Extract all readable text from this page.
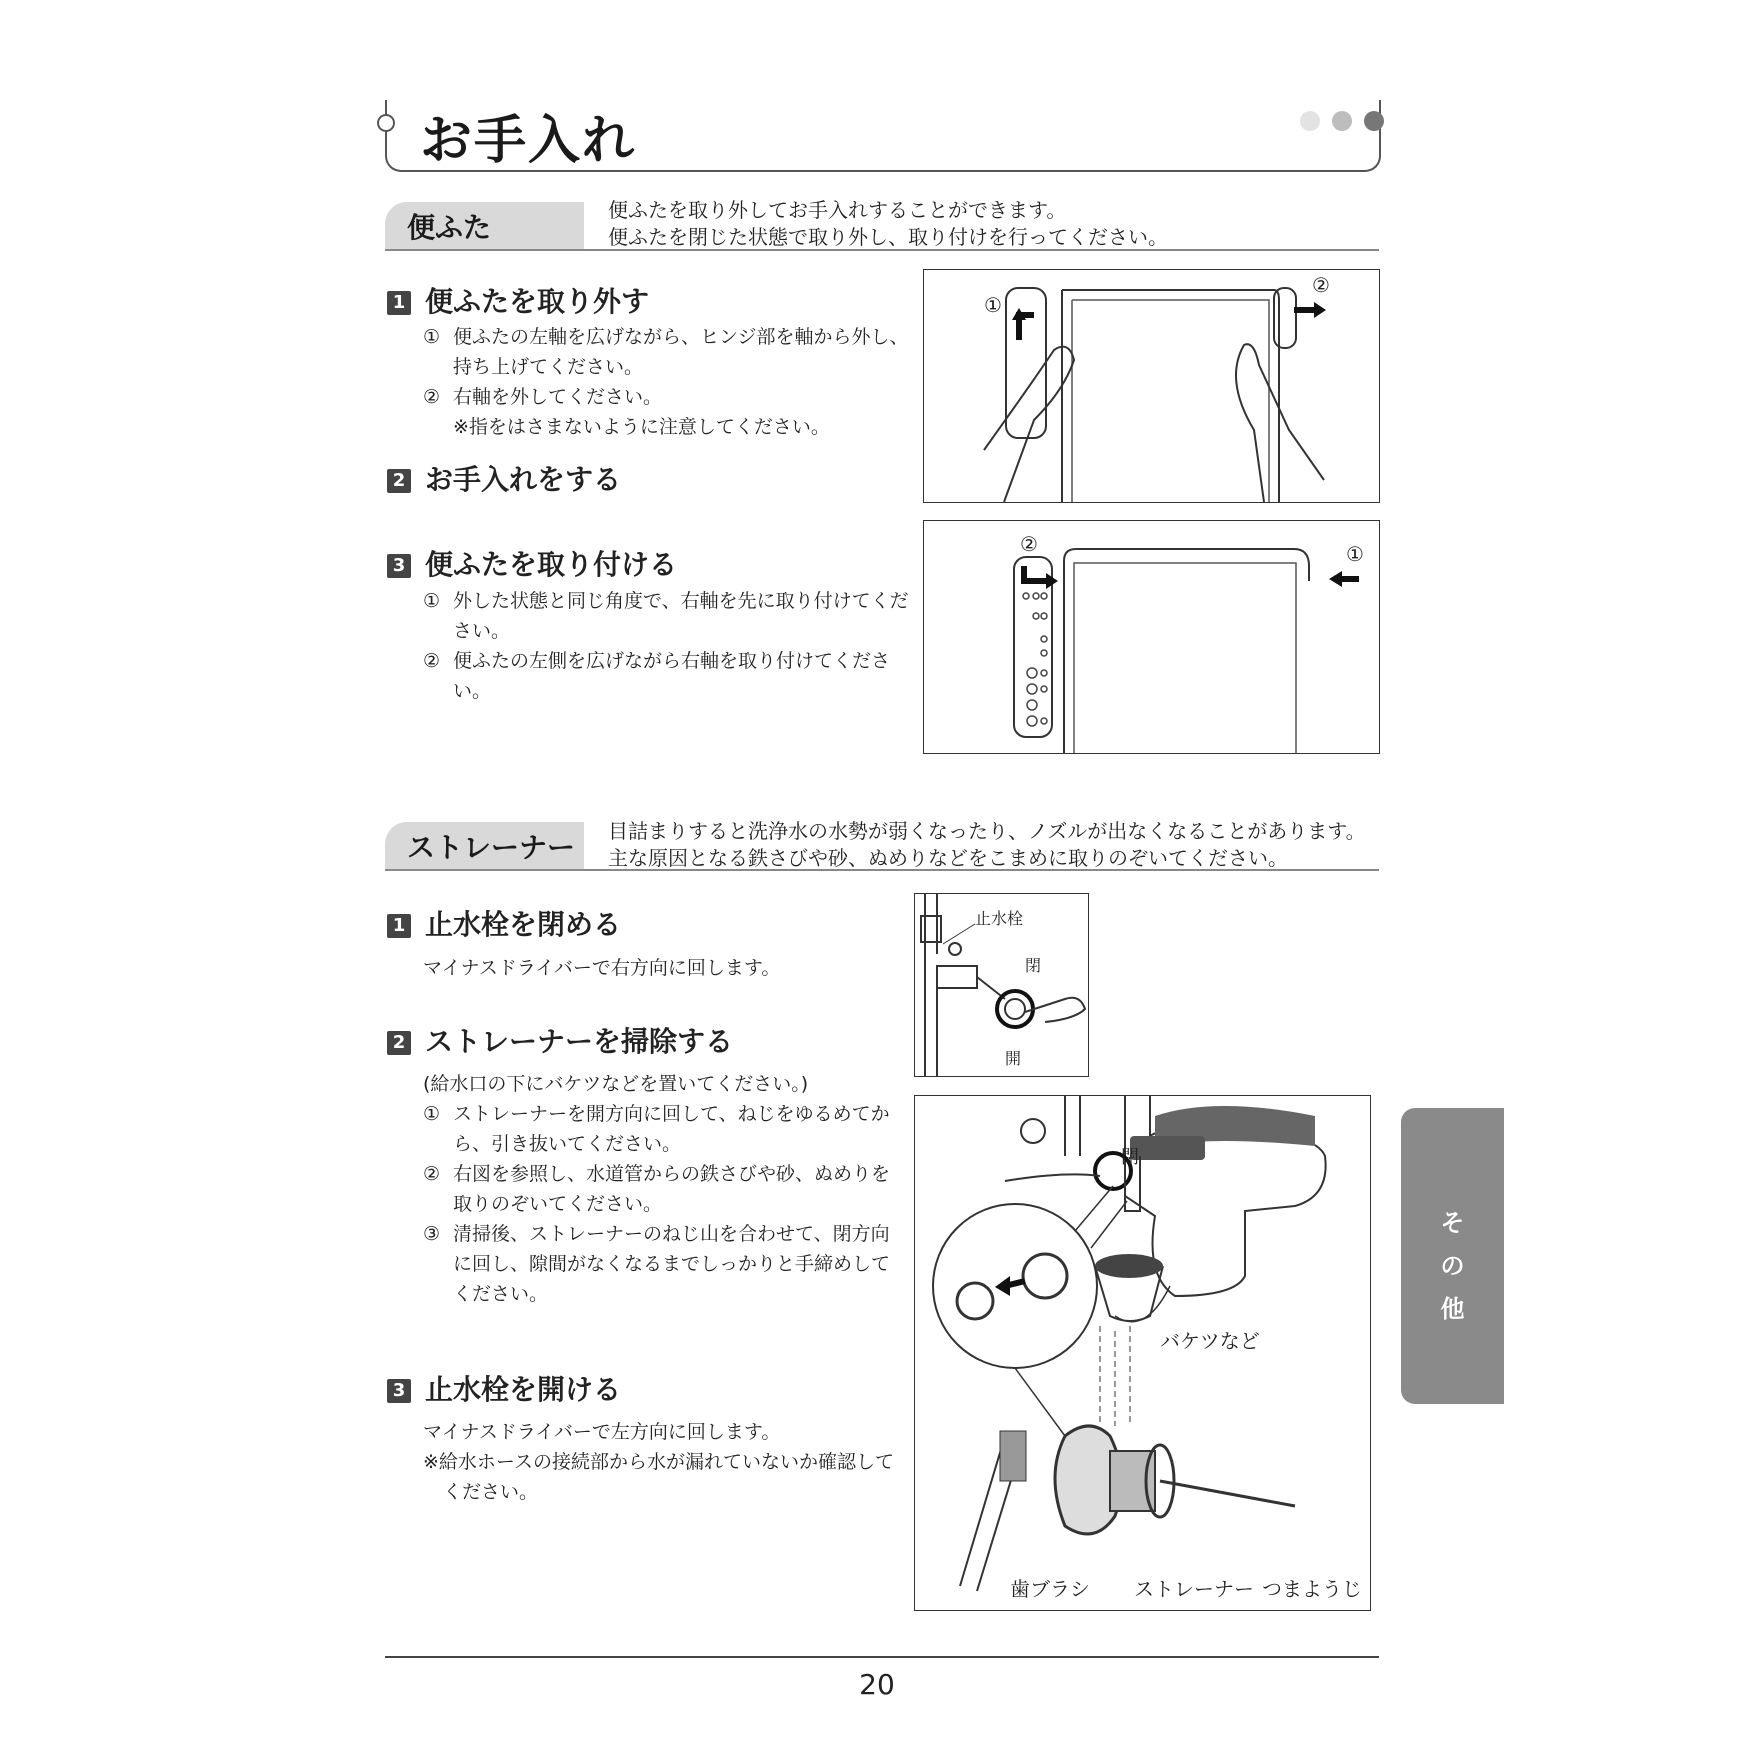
お手入れ
便ふた
便ふたを取り外してお手入れすることができます。
便ふたを閉じた状態で取り外し、取り付けを行ってください。
1 便ふたを取り外す
① 便ふたの左軸を広げながら、ヒンジ部を軸から外し、持ち上げてください。
② 右軸を外してください。
※指をはさまないように注意してください。
2 お手入れをする
3 便ふたを取り付ける
① 外した状態と同じ角度で、右軸を先に取り付けてください。
② 便ふたの左側を広げながら右軸を取り付けてください。
①
②
②	①
ストレーナー	目詰まりすると洗浄水の水勢が弱くなったり、ノズルが出なくなることがあります。
主な原因となる鉄さびや砂、ぬめりなどをこまめに取りのぞいてください。
1 止水栓を閉める
マイナスドライバーで右方向に回します。
2 ストレーナーを掃除する
(給水口の下にバケツなどを置いてください。)
① ストレーナーを開方向に回して、ねじをゆるめてから、引き抜いてください。
② 右図を参照し、水道管からの鉄さびや砂、ぬめりを取りのぞいてください。
③ 清掃後、ストレーナーのねじ山を合わせて、閉方向に回し、隙間がなくなるまでしっかりと手締めしてください。
3 止水栓を開ける
マイナスドライバーで左方向に回します。
※給水ホースの接続部から水が漏れていないか確認してください。
止水栓
閉
開
閉
バケツなど
歯ブラシ ストレーナー つまようじ
そ
の
他
20
